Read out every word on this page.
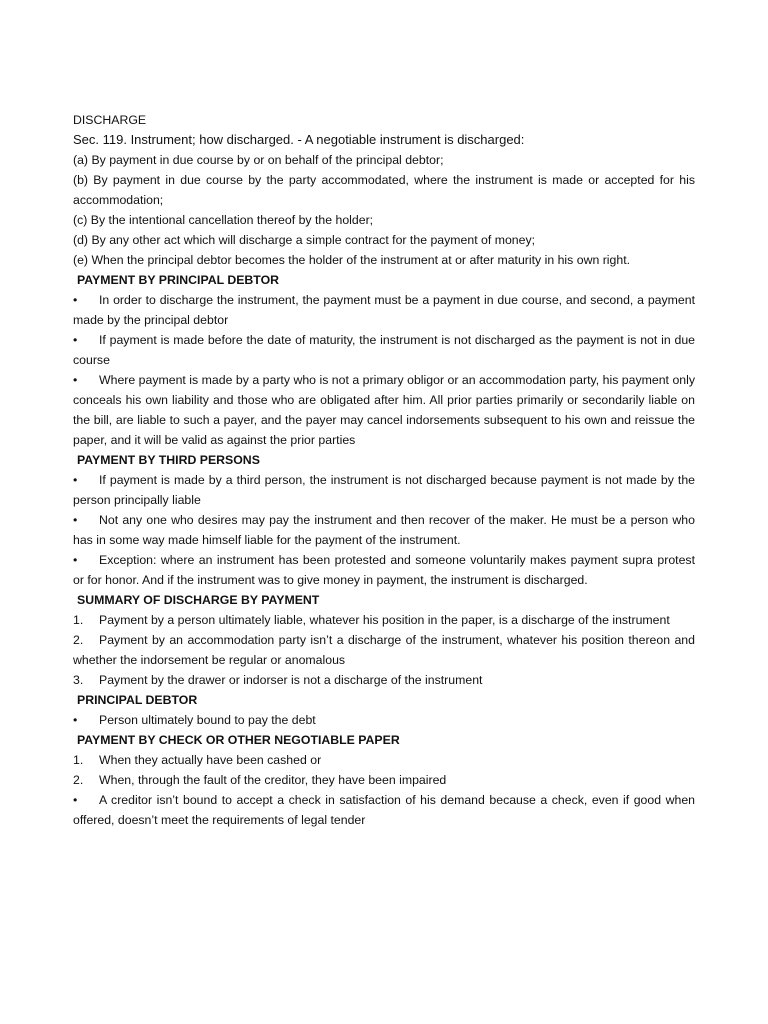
DISCHARGE
Sec. 119. Instrument; how discharged. - A negotiable instrument is discharged:
(a) By payment in due course by or on behalf of the principal debtor;
(b) By payment in due course by the party accommodated, where the instrument is made or accepted for his accommodation;
(c) By the intentional cancellation thereof by the holder;
(d) By any other act which will discharge a simple contract for the payment of money;
(e) When the principal debtor becomes the holder of the instrument at or after maturity in his own right.
PAYMENT BY PRINCIPAL DEBTOR
• In order to discharge the instrument, the payment must be a payment in due course, and second, a payment made by the principal debtor
• If payment is made before the date of maturity, the instrument is not discharged as the payment is not in due course
• Where payment is made by a party who is not a primary obligor or an accommodation party, his payment only conceals his own liability and those who are obligated after him. All prior parties primarily or secondarily liable on the bill, are liable to such a payer, and the payer may cancel indorsements subsequent to his own and reissue the paper, and it will be valid as against the prior parties
PAYMENT BY THIRD PERSONS
• If payment is made by a third person, the instrument is not discharged because payment is not made by the person principally liable
• Not any one who desires may pay the instrument and then recover of the maker. He must be a person who has in some way made himself liable for the payment of the instrument.
• Exception: where an instrument has been protested and someone voluntarily makes payment supra protest or for honor. And if the instrument was to give money in payment, the instrument is discharged.
SUMMARY OF DISCHARGE BY PAYMENT
1. Payment by a person ultimately liable, whatever his position in the paper, is a discharge of the instrument
2. Payment by an accommodation party isn’t a discharge of the instrument, whatever his position thereon and whether the indorsement be regular or anomalous
3. Payment by the drawer or indorser is not a discharge of the instrument
PRINCIPAL DEBTOR
• Person ultimately bound to pay the debt
PAYMENT BY CHECK OR OTHER NEGOTIABLE PAPER
1. When they actually have been cashed or
2. When, through the fault of the creditor, they have been impaired
• A creditor isn’t bound to accept a check in satisfaction of his demand because a check, even if good when offered, doesn’t meet the requirements of legal tender
